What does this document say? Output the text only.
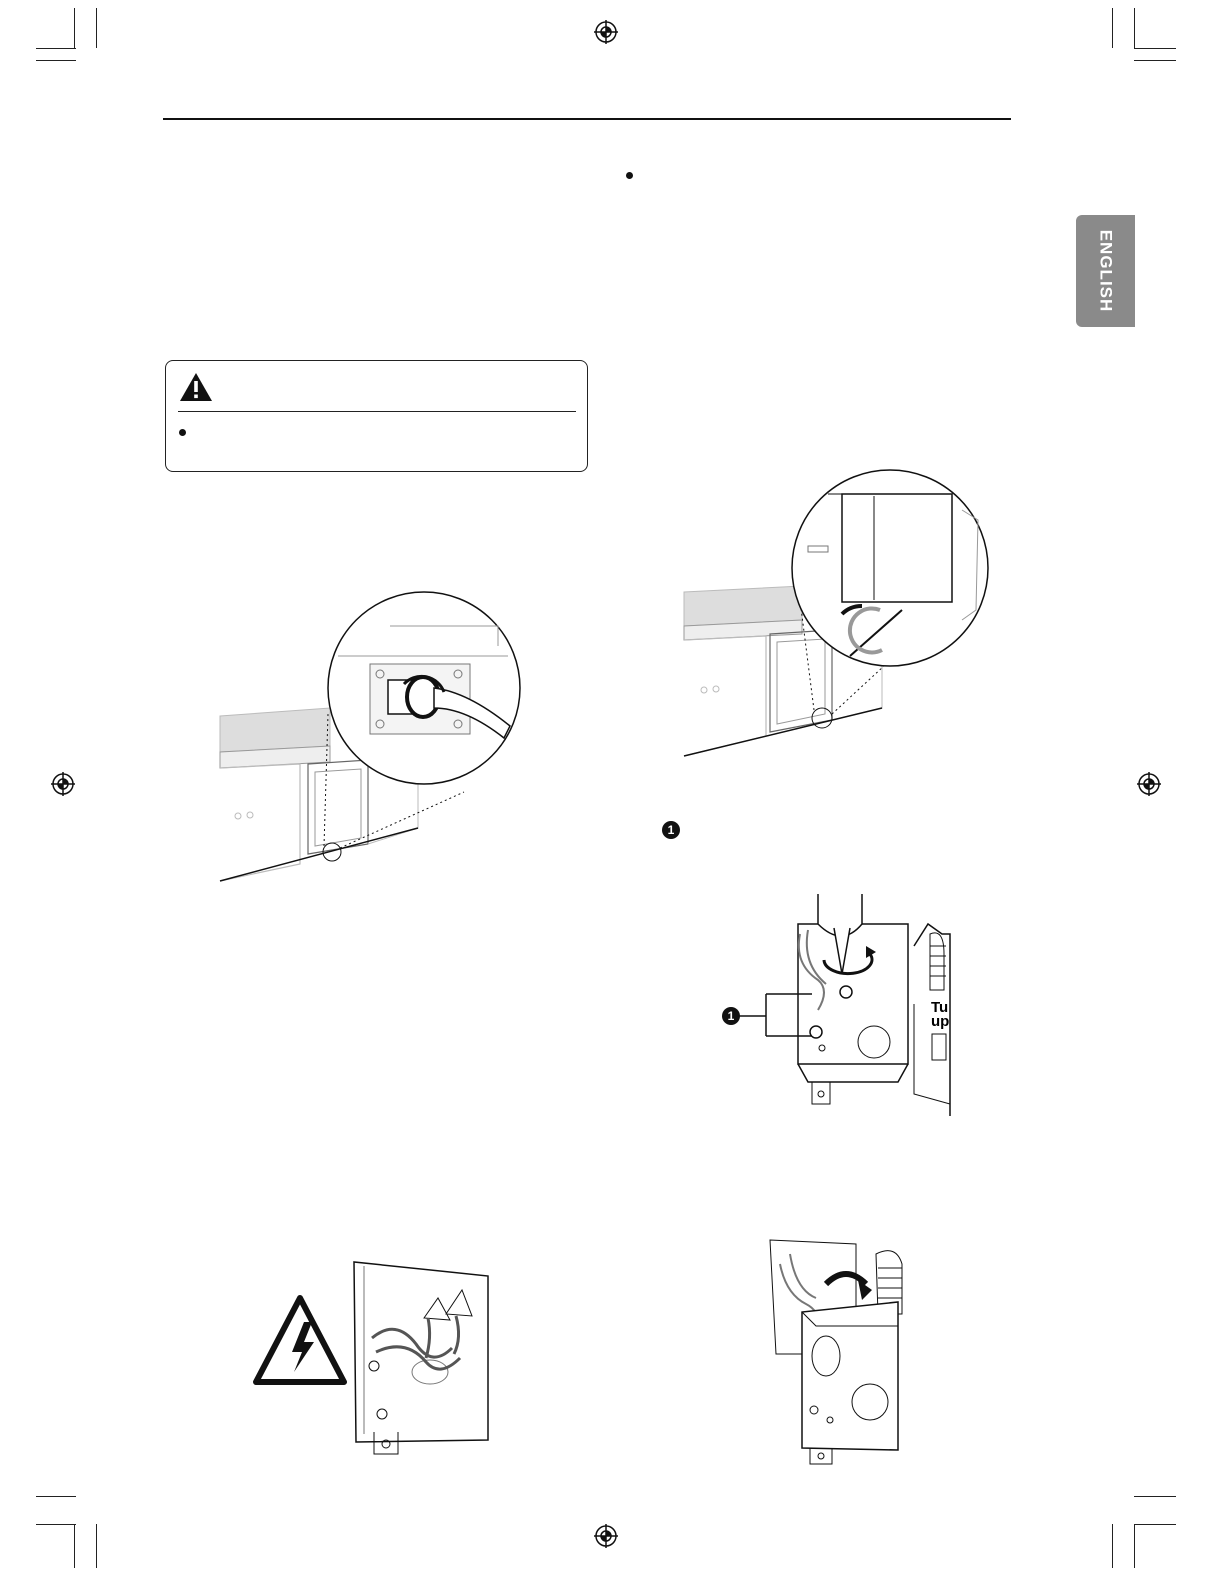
ENGLISH
1
Tu up
1
